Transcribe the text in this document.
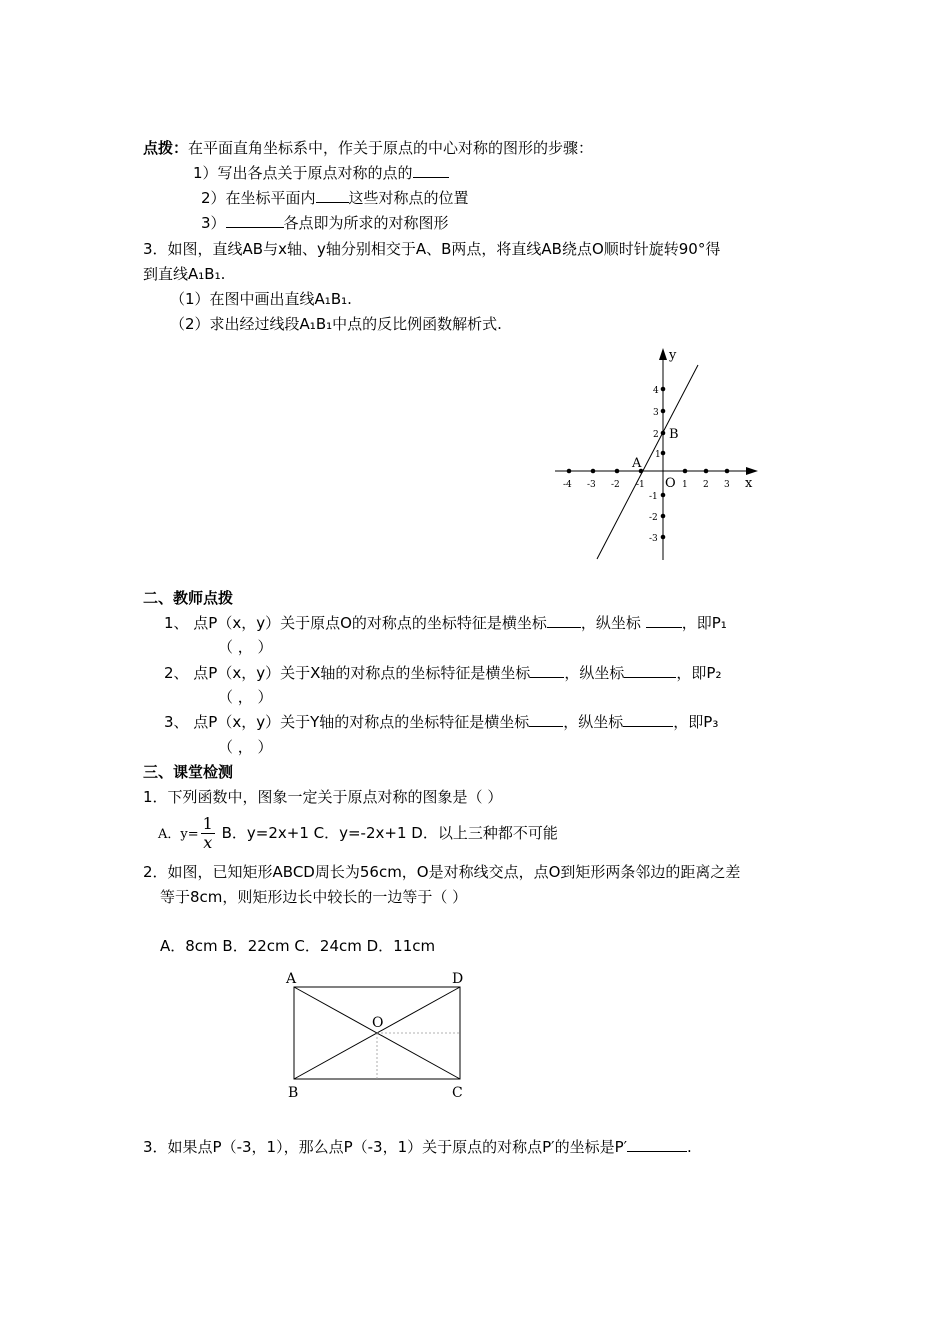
点拨：在平面直角坐标系中，作关于原点的中心对称的图形的步骤：
1）写出各点关于原点对称的点的
2）在坐标平面内 这些对称点的位置
3）	各点即为所求的对称图形
3．如图，直线AB与x轴、y轴分别相交于A、B两点，将直线AB绕点O顺时针旋转90°得
到直线A₁B₁.
（1）在图中画出直线A₁B₁.
（2）求出经过线段A₁B₁中点的反比例函数解析式.
y
x
O
A
B
-4 -3 -2 -1	1 2 3
4
3
2
1
-1
-2
-3
二、教师点拨
1、 点P（x，y）关于原点O的对称点的坐标特征是横坐标 ，纵坐标	，即P₁
（ ， ）
2、 点P（x，y）关于X轴的对称点的坐标特征是横坐标 ，纵坐标	，即P₂
（ ， ）
3、 点P（x，y）关于Y轴的对称点的坐标特征是横坐标 ，纵坐标	，即P₃
（ ， ）
三、课堂检测
1．下列函数中，图象一定关于原点对称的图象是（ ）
A．$y= \frac{1}{x}$ B．y=2x+1 C．y=-2x+1 D．以上三种都不可能
2．如图，已知矩形ABCD周长为56cm，O是对称线交点，点O到矩形两条邻边的距离之差
等于8cm，则矩形边长中较长的一边等于（ ）
A．8cm B．22cm C．24cm D．11cm
A	D
B	C
O
3．如果点P（-3，1），那么点P（-3，1）关于原点的对称点P′的坐标是P′	.
